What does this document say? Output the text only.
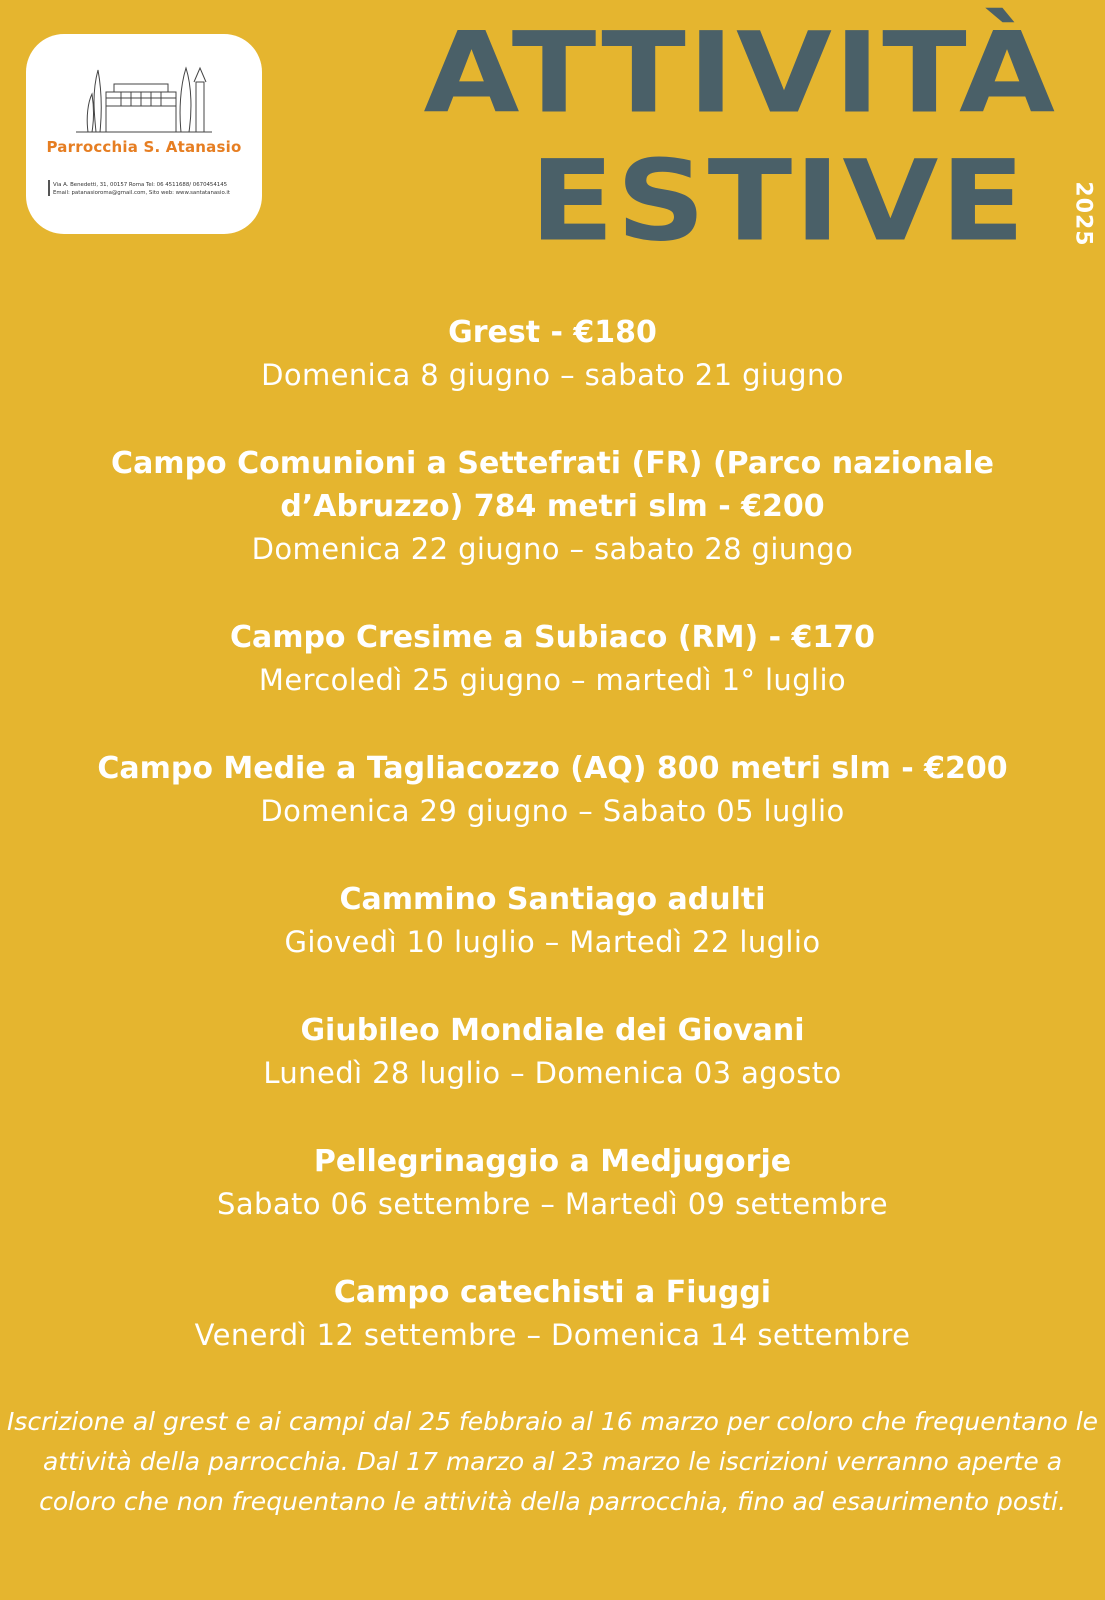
Parrocchia S. Atanasio
Via A. Benedetti, 31, 00157 Roma Tel: 06 4511688/ 0670454145
Email: patanasioroma@gmail.com, Sito web: www.santatanasio.it
ATTIVITÀ
ESTIVE 2025
Grest - €180
Domenica 8 giugno – sabato 21 giugno
Campo Comunioni a Settefrati (FR) (Parco nazionale d’Abruzzo) 784 metri slm - €200
Domenica 22 giugno – sabato 28 giungo
Campo Cresime a Subiaco (RM) - €170
Mercoledì 25 giugno – martedì 1° luglio
Campo Medie a Tagliacozzo (AQ) 800 metri slm - €200
Domenica 29 giugno – Sabato 05 luglio
Cammino Santiago adulti
Giovedì 10 luglio – Martedì 22 luglio
Giubileo Mondiale dei Giovani
Lunedì 28 luglio – Domenica 03 agosto
Pellegrinaggio a Medjugorje
Sabato 06 settembre – Martedì 09 settembre
Campo catechisti a Fiuggi
Venerdì 12 settembre – Domenica 14 settembre

Iscrizione al grest e ai campi dal 25 febbraio al 16 marzo per coloro che frequentano le attività della parrocchia. Dal 17 marzo al 23 marzo le iscrizioni verranno aperte a coloro che non frequentano le attività della parrocchia, fino ad esaurimento posti.
